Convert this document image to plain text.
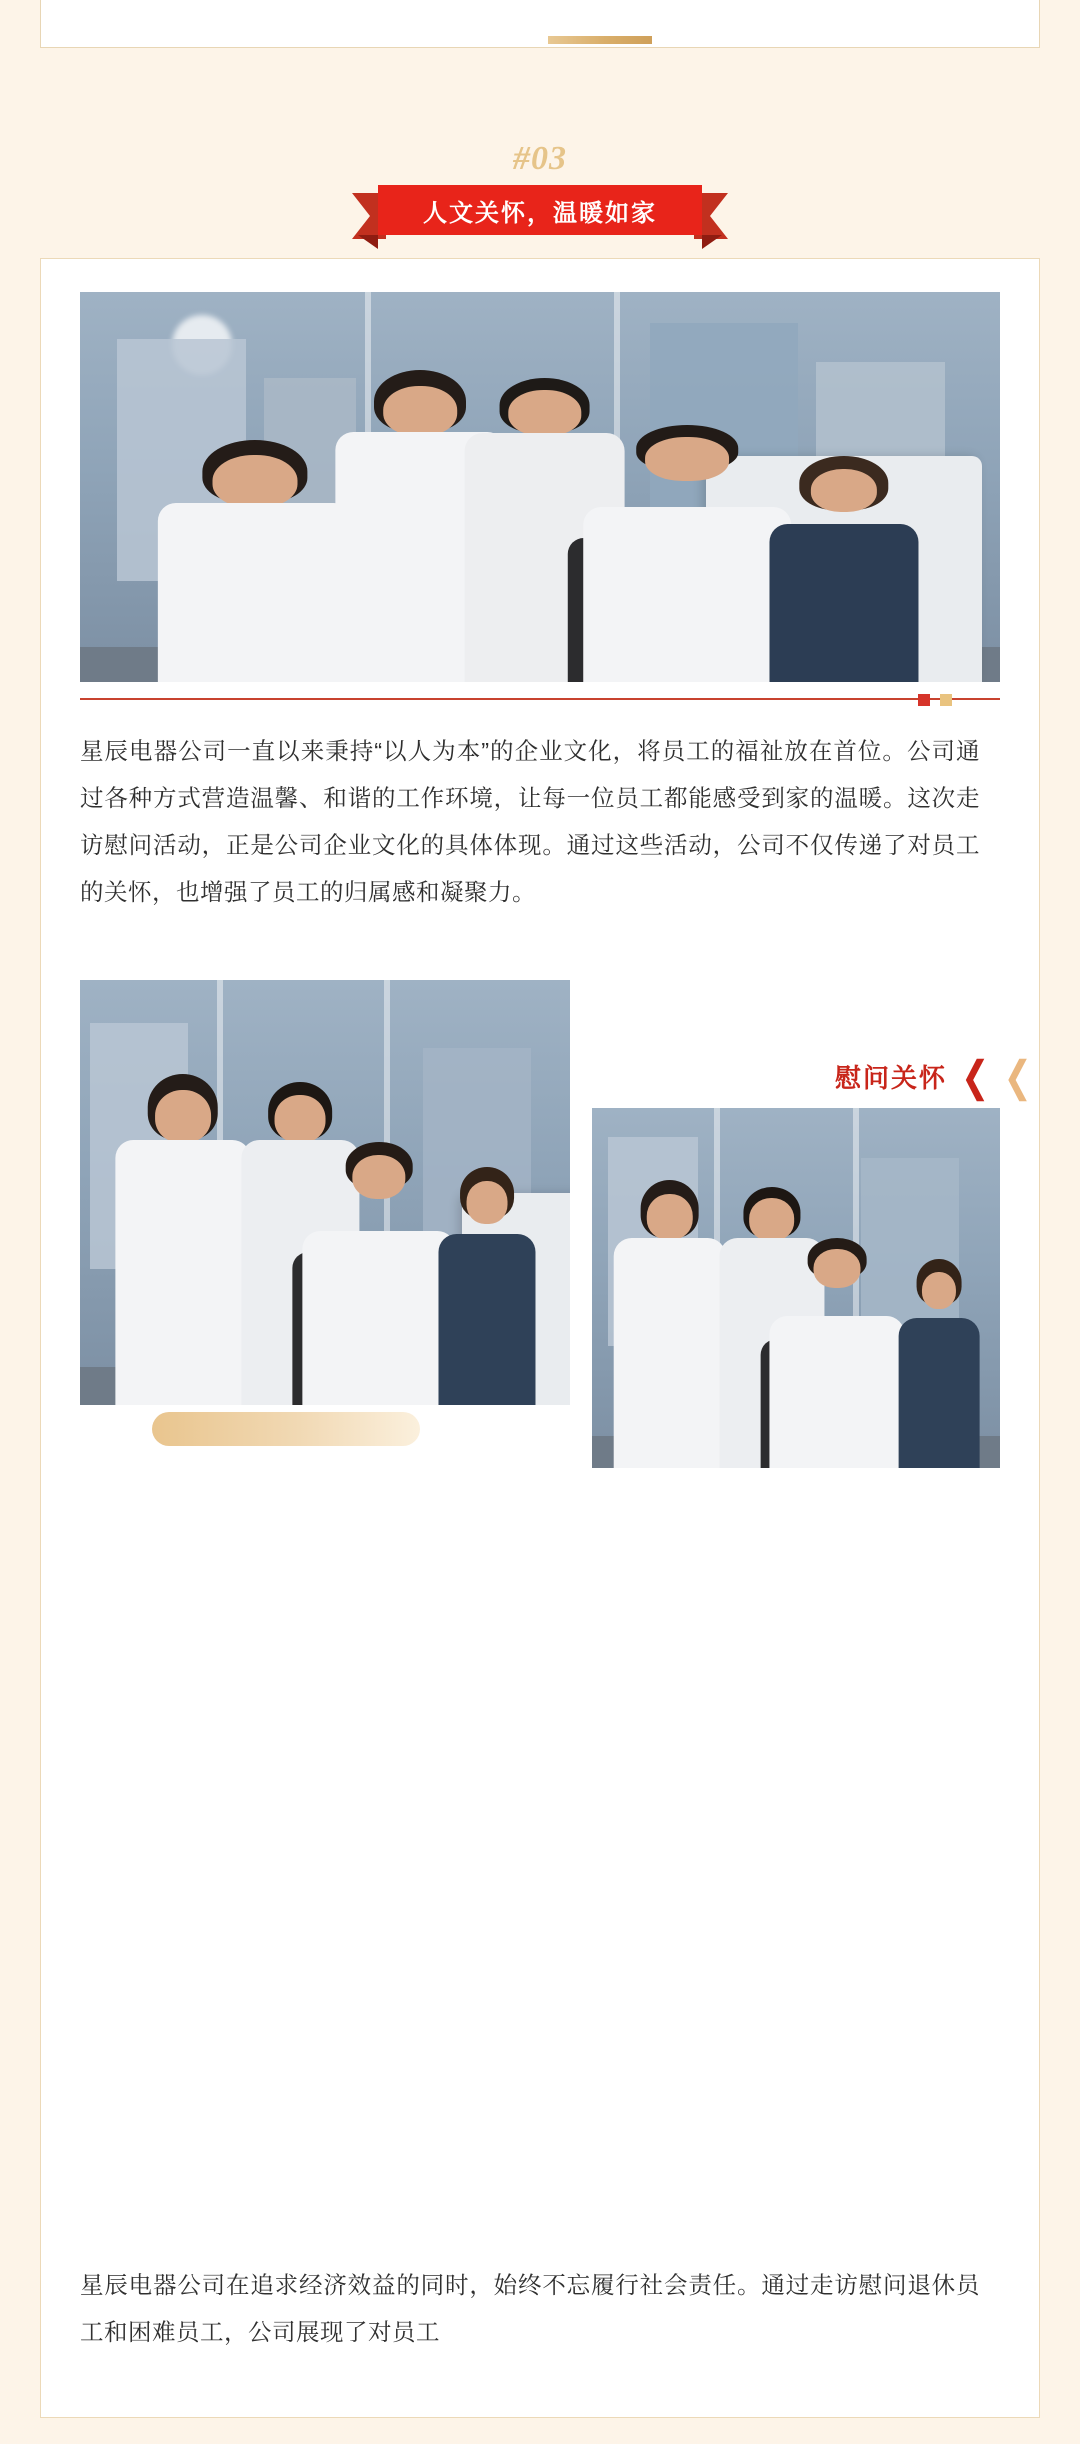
#03
人文关怀，温暖如家

星辰电器公司一直以来秉持“以人为本”的企业文化，将员工的福祉放在首位。公司通过各种方式营造温馨、和谐的工作环境，让每一位员工都能感受到家的温暖。这次走访慰问活动，正是公司企业文化的具体体现。通过这些活动，公司不仅传递了对员工的关怀，也增强了员工的归属感和凝聚力。

慰问关怀 ❮ ❮

星辰电器公司在追求经济效益的同时，始终不忘履行社会责任。通过走访慰问退休员工和困难员工，公司展现了对员工
